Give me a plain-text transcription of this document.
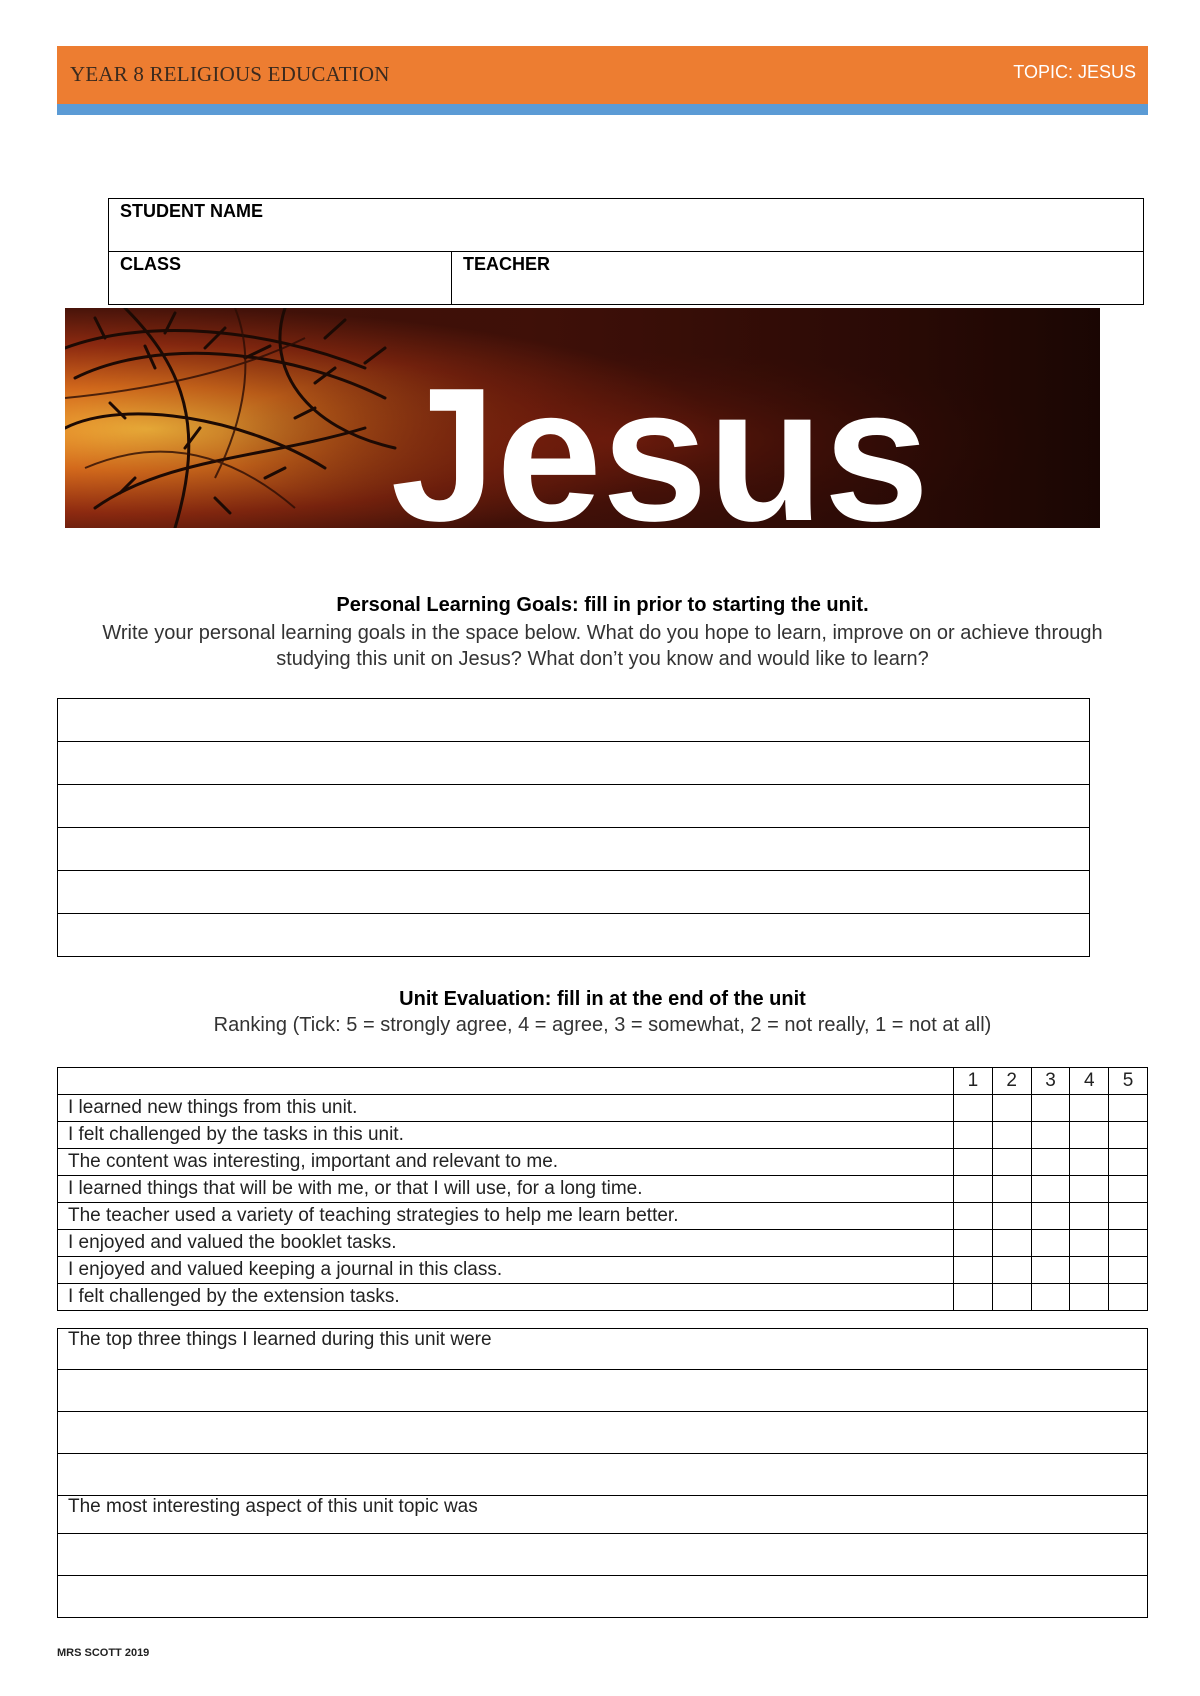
YEAR 8 RELIGIOUS EDUCATION	TOPIC: JESUS
STUDENT NAME
CLASS	TEACHER
Jesus
Personal Learning Goals: fill in prior to starting the unit.
Write your personal learning goals in the space below. What do you hope to learn, improve on or achieve through studying this unit on Jesus? What don’t you know and would like to learn?

Unit Evaluation: fill in at the end of the unit
Ranking (Tick: 5 = strongly agree, 4 = agree, 3 = somewhat, 2 = not really, 1 = not at all)
	1	2	3	4	5
I learned new things from this unit.					
I felt challenged by the tasks in this unit.					
The content was interesting, important and relevant to me.					
I learned things that will be with me, or that I will use, for a long time.					
The teacher used a variety of teaching strategies to help me learn better.					
I enjoyed and valued the booklet tasks.					
I enjoyed and valued keeping a journal in this class.					
I felt challenged by the extension tasks.					
The top three things I learned during this unit were

The most interesting aspect of this unit topic was

MRS SCOTT 2019
